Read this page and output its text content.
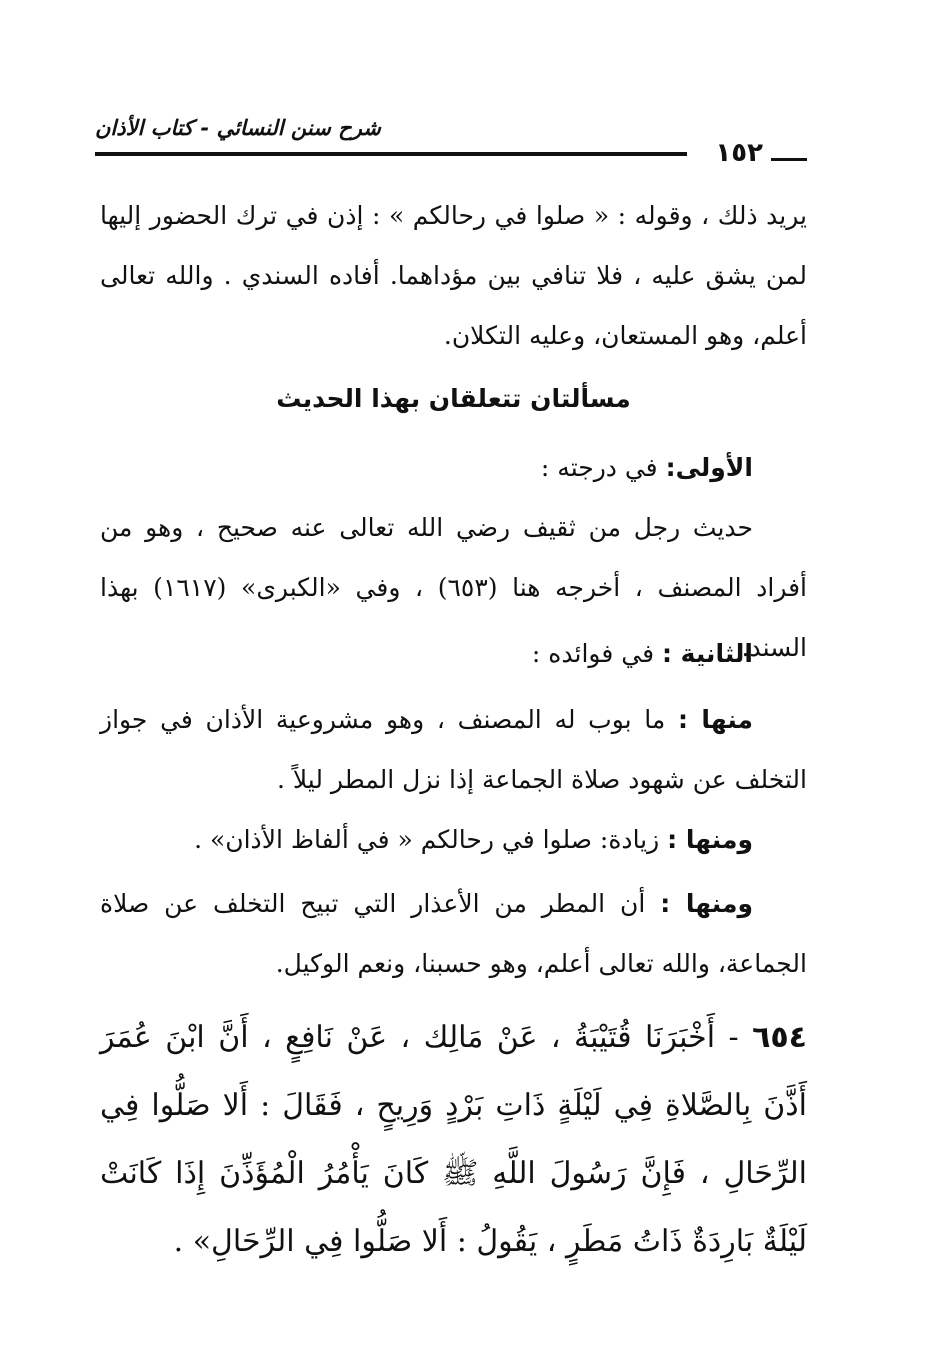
شرح سنن النسائي - كتاب الأذان
١٥٢

يريد ذلك ، وقوله : « صلوا في رحالكم » : إذن في ترك الحضور إليها لمن يشق عليه ، فلا تنافي بين مؤداهما. أفاده السندي . والله تعالى أعلم، وهو المستعان، وعليه التكلان.

مسألتان تتعلقان بهذا الحديث

الأولى: في درجته :

حديث رجل من ثقيف رضي الله تعالى عنه صحيح ، وهو من أفراد المصنف ، أخرجه هنا (٦٥٣) ، وفي «الكبرى» (١٦١٧) بهذا السند.

الثانية : في فوائده :

منها : ما بوب له المصنف ، وهو مشروعية الأذان في جواز التخلف عن شهود صلاة الجماعة إذا نزل المطر ليلاً .

ومنها : زيادة: صلوا في رحالكم « في ألفاظ الأذان» .

ومنها : أن المطر من الأعذار التي تبيح التخلف عن صلاة الجماعة، والله تعالى أعلم، وهو حسبنا، ونعم الوكيل.

٦٥٤ - أَخْبَرَنَا قُتَيْبَةُ ، عَنْ مَالِك ، عَنْ نَافِعٍ ، أَنَّ ابْنَ عُمَرَ أَذَّنَ بِالصَّلاةِ فِي لَيْلَةٍ ذَاتِ بَرْدٍ وَرِيحٍ ، فَقَالَ : أَلا صَلُّوا فِي الرِّحَالِ ، فَإِنَّ رَسُولَ اللَّهِ ﷺ كَانَ يَأْمُرُ الْمُؤَذِّنَ إِذَا كَانَتْ لَيْلَةٌ بَارِدَةٌ ذَاتُ مَطَرٍ ، يَقُولُ : أَلا صَلُّوا فِي الرِّحَالِ» .
